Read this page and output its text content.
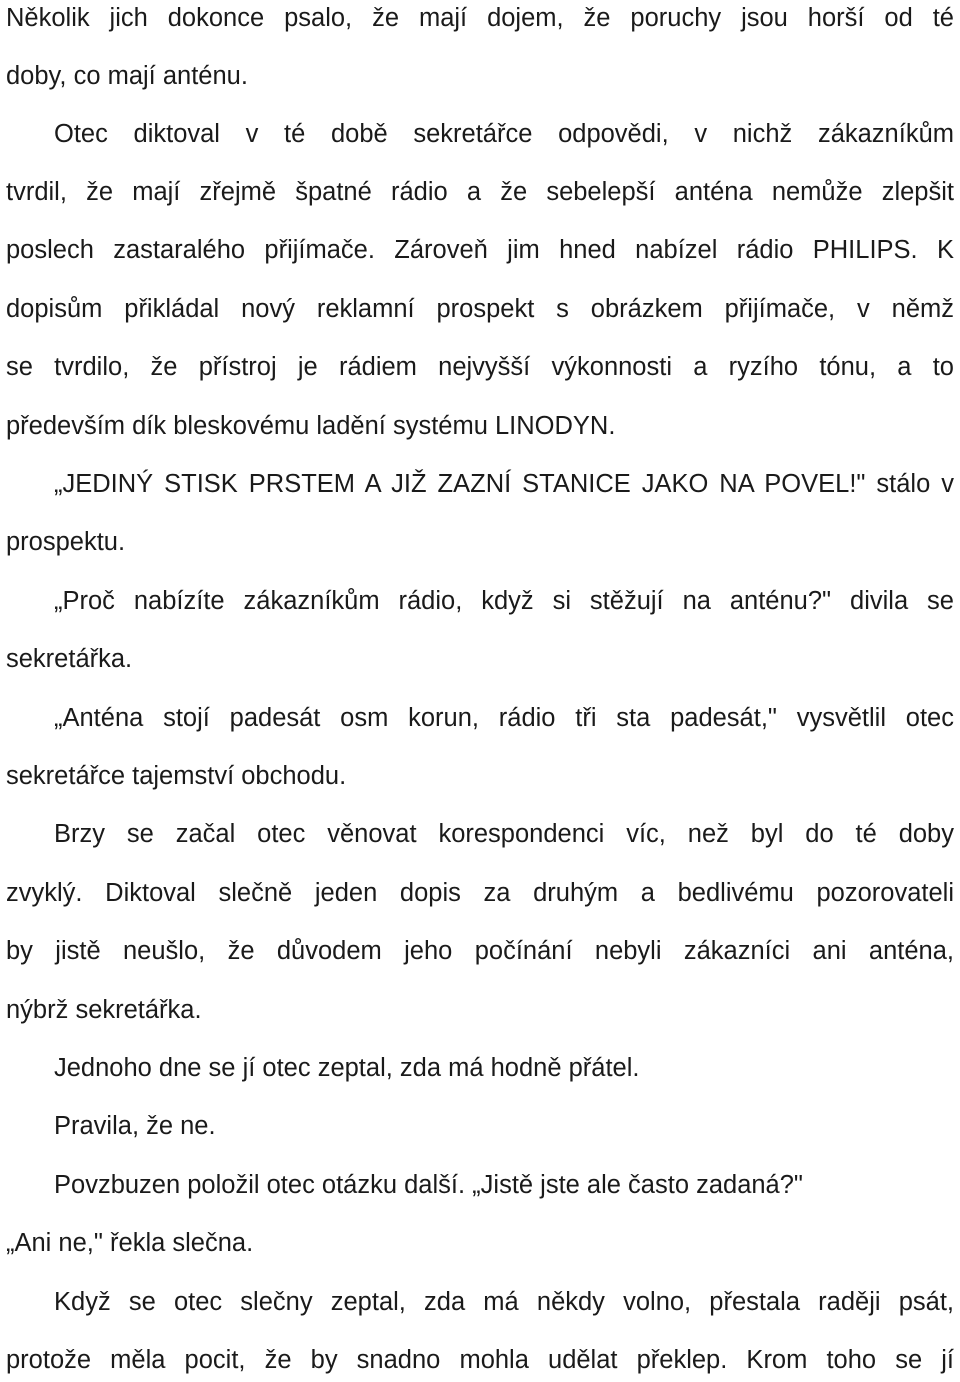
Několik jich dokonce psalo, že mají dojem, že poruchy jsou horší od té
doby, co mají anténu.
Otec diktoval v té době sekretářce odpovědi, v nichž zákazníkům
tvrdil, že mají zřejmě špatné rádio a že sebelepší anténa nemůže zlepšit
poslech zastaralého přijímače. Zároveň jim hned nabízel rádio PHILIPS. K
dopisům přikládal nový reklamní prospekt s obrázkem přijímače, v němž
se tvrdilo, že přístroj je rádiem nejvyšší výkonnosti a ryzího tónu, a to
především dík bleskovému ladění systému LINODYN.
„JEDINÝ STISK PRSTEM A JIŽ ZAZNÍ STANICE JAKO NA POVEL!" stálo v
prospektu.
„Proč nabízíte zákazníkům rádio, když si stěžují na anténu?" divila se
sekretářka.
„Anténa stojí padesát osm korun, rádio tři sta padesát," vysvětlil otec
sekretářce tajemství obchodu.
Brzy se začal otec věnovat korespondenci víc, než byl do té doby
zvyklý. Diktoval slečně jeden dopis za druhým a bedlivému pozorovateli
by jistě neušlo, že důvodem jeho počínání nebyli zákazníci ani anténa,
nýbrž sekretářka.
Jednoho dne se jí otec zeptal, zda má hodně přátel.
Pravila, že ne.
Povzbuzen položil otec otázku další. „Jistě jste ale často zadaná?"
„Ani ne," řekla slečna.
Když se otec slečny zeptal, zda má někdy volno, přestala raději psát,
protože měla pocit, že by snadno mohla udělat překlep. Krom toho se jí
